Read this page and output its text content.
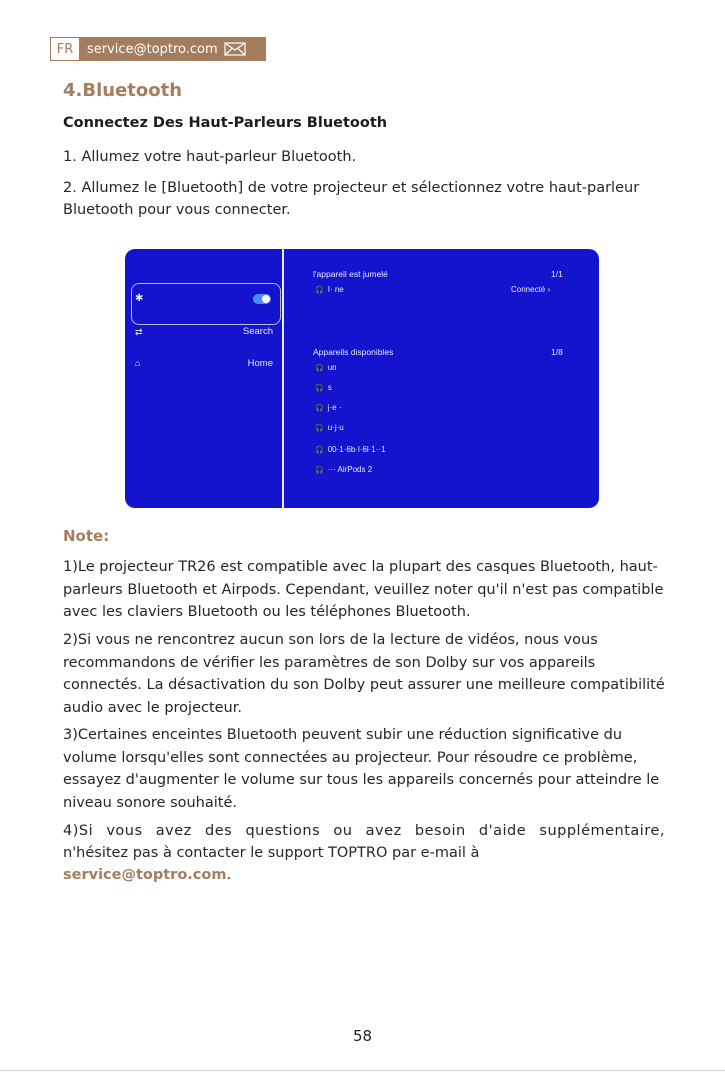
FR	service@toptro.com
4.Bluetooth
Connectez Des Haut-Parleurs Bluetooth

1. Allumez votre haut-parleur Bluetooth.

2. Allumez le [Bluetooth] de votre projecteur et sélectionnez votre haut-parleur Bluetooth pour vous connecter.

✱
⇄	Search
⌂	Home
l'appareil est jumelé	1/1
🎧 I· ne	Connecté ›
Appareils disponibles	1/8
🎧 un
🎧 s
🎧 j·e ·
🎧 u·j·u
🎧 00·1·6b·l·6l·1··1
🎧 ··· AirPods 2
Note:

1)Le projecteur TR26 est compatible avec la plupart des casques Bluetooth, haut-parleurs Bluetooth et Airpods. Cependant, veuillez noter qu'il n'est pas compatible avec les claviers Bluetooth ou les téléphones Bluetooth.

2)Si vous ne rencontrez aucun son lors de la lecture de vidéos, nous vous recommandons de vérifier les paramètres de son Dolby sur vos appareils connectés. La désactivation du son Dolby peut assurer une meilleure compatibilité audio avec le projecteur.

3)Certaines enceintes Bluetooth peuvent subir une réduction significative du volume lorsqu'elles sont connectées au projecteur. Pour résoudre ce problème, essayez d'augmenter le volume sur tous les appareils concernés pour atteindre le niveau sonore souhaité.

4)Si vous avez des questions ou avez besoin d'aide supplémentaire,

n'hésitez pas à contacter le support TOPTRO par e-mail à

service@toptro.com.

58
